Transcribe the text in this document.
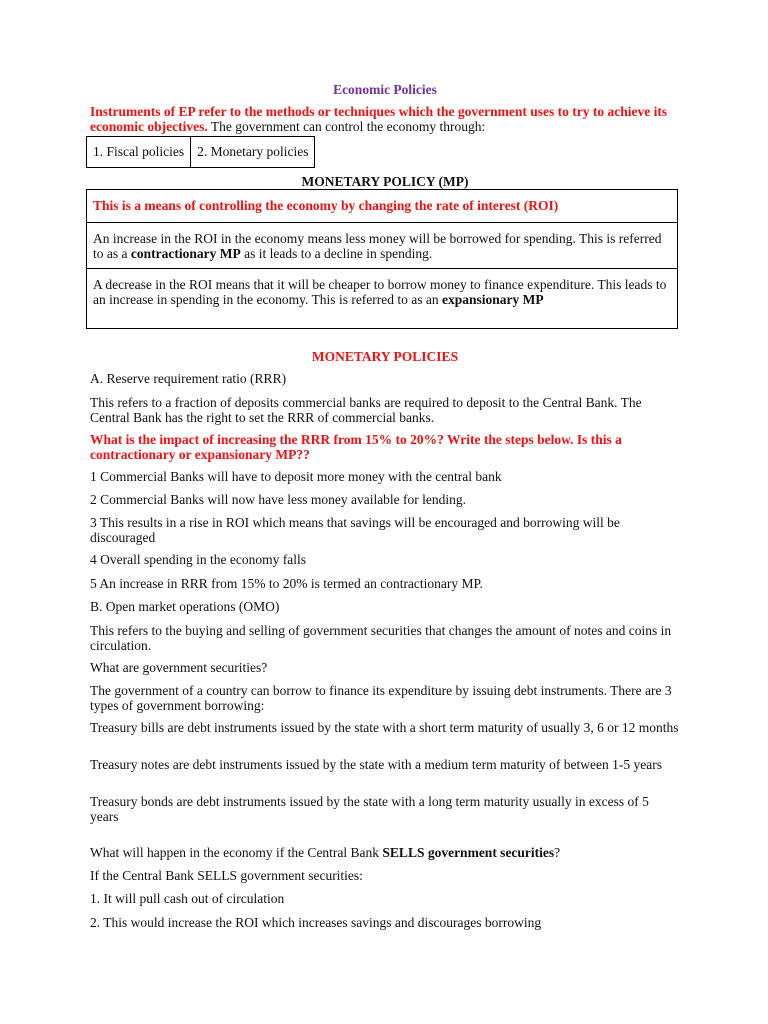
Economic Policies
Instruments of EP refer to the methods or techniques which the government uses to try to achieve its economic objectives. The government can control the economy through:
1. Fiscal policies	2. Monetary policies
MONETARY POLICY (MP)
This is a means of controlling the economy by changing the rate of interest (ROI)
An increase in the ROI in the economy means less money will be borrowed for spending. This is referred to as a contractionary MP as it leads to a decline in spending.
A decrease in the ROI means that it will be cheaper to borrow money to finance expenditure. This leads to an increase in spending in the economy. This is referred to as an expansionary MP
MONETARY POLICIES

A. Reserve requirement ratio (RRR)

This refers to a fraction of deposits commercial banks are required to deposit to the Central Bank. The Central Bank has the right to set the RRR of commercial banks.

What is the impact of increasing the RRR from 15% to 20%? Write the steps below. Is this a contractionary or expansionary MP??

1 Commercial Banks will have to deposit more money with the central bank

2 Commercial Banks will now have less money available for lending.

3 This results in a rise in ROI which means that savings will be encouraged and borrowing will be discouraged

4 Overall spending in the economy falls

5 An increase in RRR from 15% to 20% is termed an contractionary MP.

B. Open market operations (OMO)

This refers to the buying and selling of government securities that changes the amount of notes and coins in circulation.

What are government securities?

The government of a country can borrow to finance its expenditure by issuing debt instruments. There are 3 types of government borrowing:

Treasury bills are debt instruments issued by the state with a short term maturity of usually 3, 6 or 12 months

Treasury notes are debt instruments issued by the state with a medium term maturity of between 1-5 years

Treasury bonds are debt instruments issued by the state with a long term maturity usually in excess of 5 years

What will happen in the economy if the Central Bank SELLS government securities?

If the Central Bank SELLS government securities:

1. It will pull cash out of circulation

2. This would increase the ROI which increases savings and discourages borrowing
